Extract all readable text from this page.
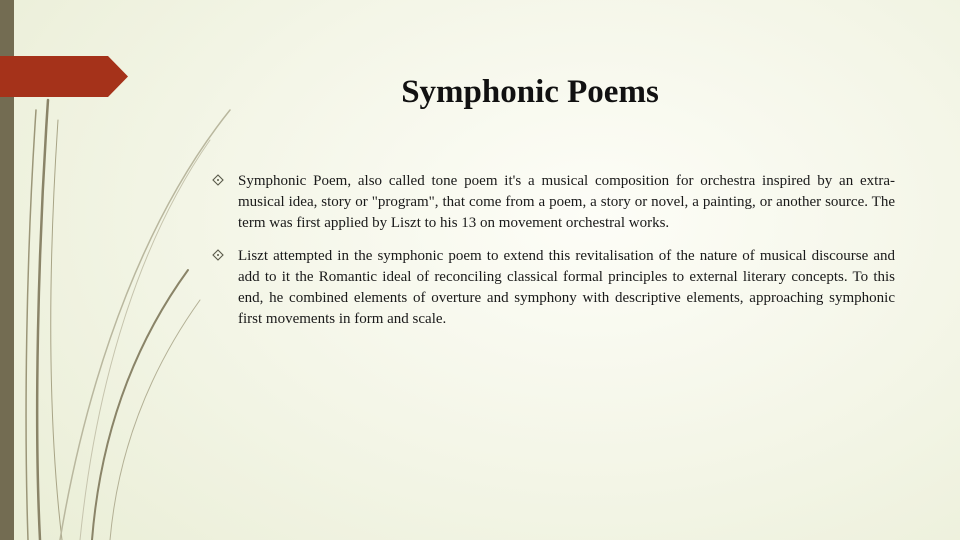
Symphonic Poems
Symphonic Poem, also called tone poem it's a musical composition for orchestra inspired by an extra-musical idea, story or "program", that come from a poem, a story or novel, a painting, or another source. The term was first applied by Liszt to his 13 on movement orchestral works.
Liszt attempted in the symphonic poem to extend this revitalisation of the nature of musical discourse and add to it the Romantic ideal of reconciling classical formal principles to external literary concepts. To this end, he combined elements of overture and symphony with descriptive elements, approaching symphonic first movements in form and scale.
